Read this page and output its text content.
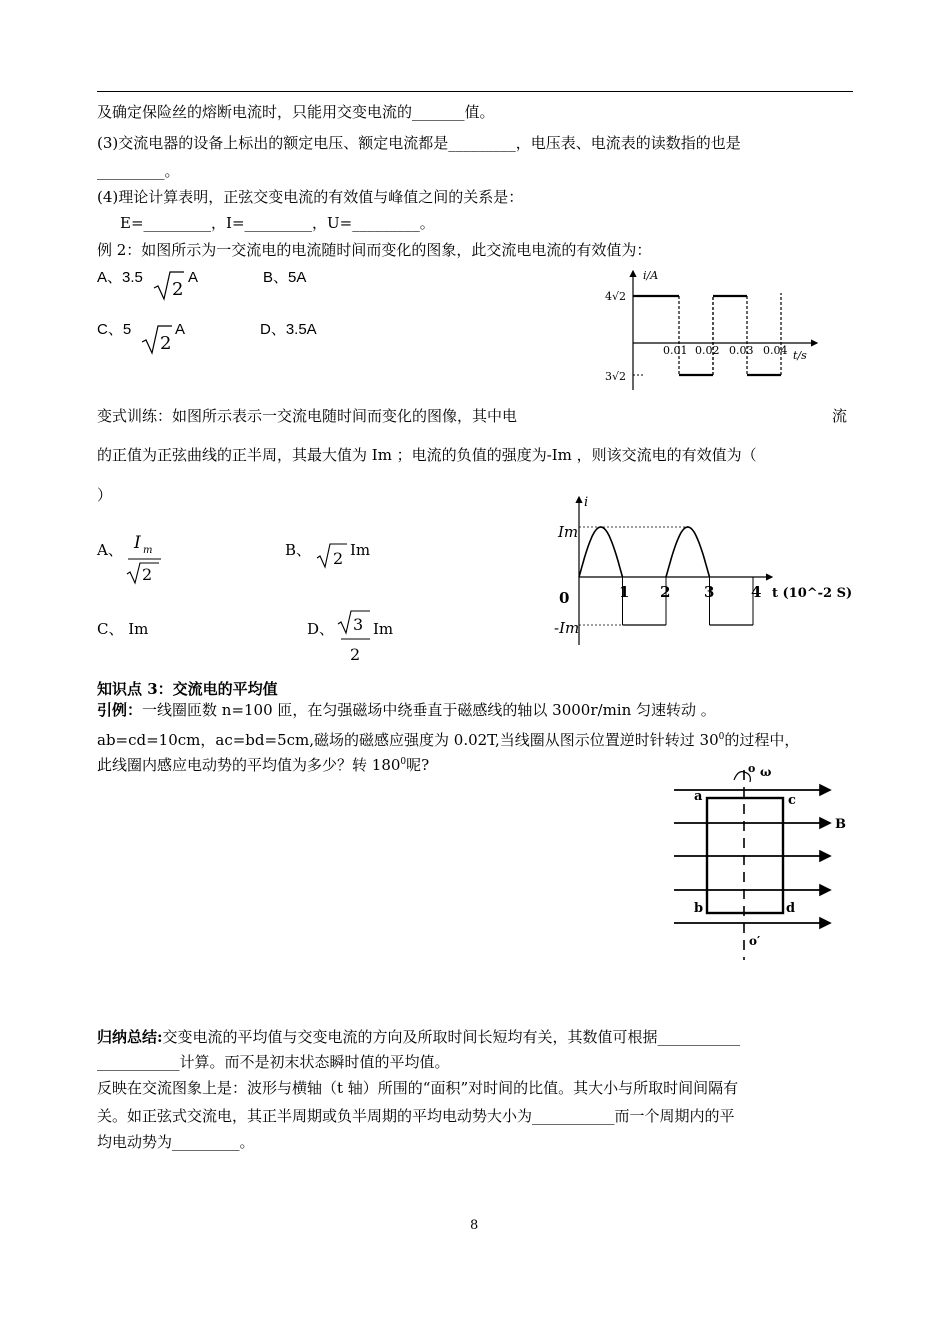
及确定保险丝的熔断电流时，只能用交变电流的_______值。
(3)交流电器的设备上标出的额定电压、额定电流都是_________，电压表、电流表的读数指的也是
_________。
(4)理论计算表明，正弦交变电流的有效值与峰值之间的关系是：
E=_________，I=_________，U=_________。
例 2：如图所示为一交流电的电流随时间而变化的图象，此交流电电流的有效值为：
A、3.5
2
A	B、5A
C、5
2
A	D、3.5A
i/A
t/s
4√2
3√2
0.01 0.02 0.03 0.04
变式训练：如图所示表示一交流电随时间而变化的图像，其中电	流
的正值为正弦曲线的正半周，其最大值为 Im ；电流的负值的强度为-Im ，则该交流电的有效值为（
）
A、 I m
2
B、 2 Im
C、 Im	D、 3
2
Im
i
Im
-Im
0	1 2 3 4 t (10^-2 S)
知识点 3：交流电的平均值
引例：一线圈匝数 n=100 匝，在匀强磁场中绕垂直于磁感线的轴以 3000r/min 匀速转动 。
ab=cd=10cm，ac=bd=5cm,磁场的磁感应强度为 0.02T,当线圈从图示位置逆时针转过 $30^0$的过程中，
此线圈内感应电动势的平均值为多少？转 $180^0$呢?	o ω
a	c
B
b	d
o′
归纳总结:交变电流的平均值与交变电流的方向及所取时间长短均有关，其数值可根据___________
___________计算。而不是初末状态瞬时值的平均值。
反映在交流图象上是：波形与横轴（t 轴）所围的“面积”对时间的比值。其大小与所取时间间隔有
关。如正弦式交流电，其正半周期或负半周期的平均电动势大小为___________而一个周期内的平
均电动势为_________。
8
